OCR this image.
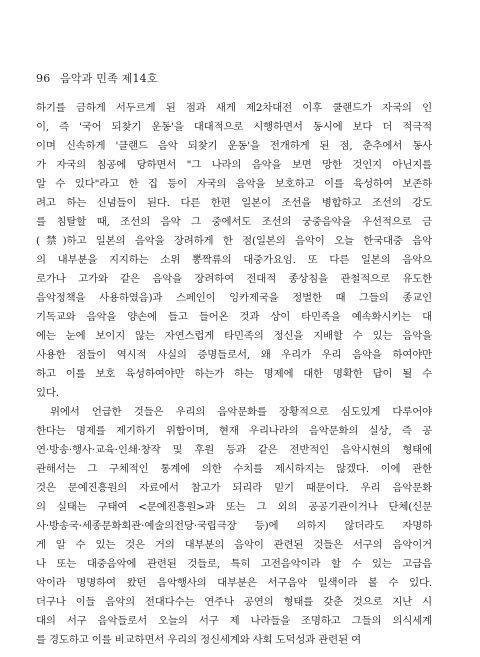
96 음악과 민족 제14호
하기를 금하게 서두르게 된 점과 새게 제2차대전 이후 쿨랜드가 자국의 인
이, 즉 '국어 되찾기 운동'을 대대적으로 시행하면서 동시에 보다 더 적극적
이며 신속하게 '클랜드 음악 되찾기 운동'을 전개하게 된 점, 춘추에서 동사
가 자국의 침공에 당하면서 "그 나라의 음악을 보면 망한 것인지 아닌지를
알 수 있다"라고 한 집 등이 자국의 음악을 보호하고 이를 육성하여 보존하
려고 하는 신념들이 된다. 다른 한편 일본이 조선을 병합하고 조선의 강도
를 침탈할 때, 조선의 음악 그 중에서도 조선의 궁중음악을 우선적으로 금
(禁)하고 일본의 음악을 장려하게 한 점(일본의 음악이 오늘 한국대중 음악
의 내부분을 지지하는 소위 뽕짝류의 대중가요임. 또 다른 일본의 음악으
로가나 고가와 같은 음악을 장려하여 전대적 종상침을 관철적으로 유도한
음악정책을 사용하였음)과 스페인이 잉카제국을 정벌한 때 그들의 종교인
기독교와 음악을 양손에 들고 들어온 것과 상이 타민족을 예속화시키는 대
에는 눈에 보이지 않는 자연스럽게 타민족의 정신을 지배할 수 있는 음악을
사용한 점들이 역시적 사실의 증명들로서, 왜 우리가 우리 음악을 하여야만
하고 이를 보호 육성하여야만 하는가 하는 명제에 대한 명확한 답이 될 수
있다.
위에서 언급한 것들은 우리의 음악문화를 장황적으로 심도있게 다루어야
한다는 명제를 제기하기 위함이며, 현재 우리나라의 음악문화의 실상, 즉 공
연·방송·행사·교육·인쇄·창작 및 후원 등과 같은 전반적인 음악시현의 형태에
관해서는 그 구체적인 통계에 의한 수치를 제시하지는 않겠다. 이에 관한
것은 문예진흥원의 자료에서 참고가 되리라 믿기 때문이다. 우리 음악문화
의 실태는 구태여 <문예진흥원>과 또는 그 외의 공공기관이거나 단체(신문
사·방송국·세종문화회관·예술의전당·국립극장 등)에 의하지 않더라도 자명하
게 알 수 있는 것은 거의 대부분의 음악이 관련된 것들은 서구의 음악이거
나 또는 대중음악에 관련된 것들로, 특히 고전음악이라 할 수 있는 고급음
악이라 명명하여 왔던 음악행사의 대부분은 서구음악 일색이라 볼 수 있다.
더구나 이들 음악의 전대다수는 연주나 공연의 형태를 갖춘 것으로 지난 시
대의 서구 음악들로서 오늘의 서구 제 나라들을 조명하고 그들의 의식세계
를 경도하고 이를 비교하면서 우리의 정신세계와 사회 도덕성과 관련된 여
